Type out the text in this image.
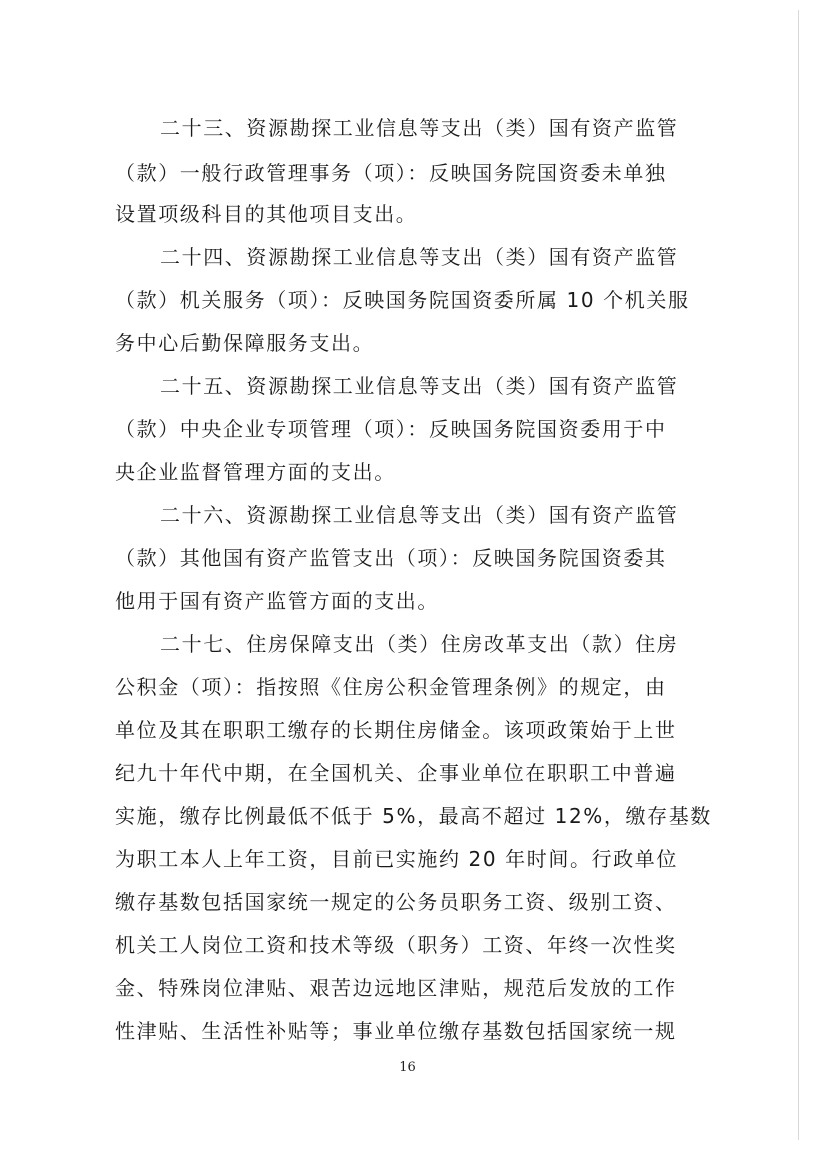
二十三、资源勘探工业信息等支出（类）国有资产监管
（款）一般行政管理事务（项）：反映国务院国资委未单独
设置项级科目的其他项目支出。
二十四、资源勘探工业信息等支出（类）国有资产监管
（款）机关服务（项）：反映国务院国资委所属 10 个机关服
务中心后勤保障服务支出。
二十五、资源勘探工业信息等支出（类）国有资产监管
（款）中央企业专项管理（项）：反映国务院国资委用于中
央企业监督管理方面的支出。
二十六、资源勘探工业信息等支出（类）国有资产监管
（款）其他国有资产监管支出（项）：反映国务院国资委其
他用于国有资产监管方面的支出。
二十七、住房保障支出（类）住房改革支出（款）住房
公积金（项）：指按照《住房公积金管理条例》的规定，由
单位及其在职职工缴存的长期住房储金。该项政策始于上世
纪九十年代中期，在全国机关、企事业单位在职职工中普遍
实施，缴存比例最低不低于 5%，最高不超过 12%，缴存基数
为职工本人上年工资，目前已实施约 20 年时间。行政单位
缴存基数包括国家统一规定的公务员职务工资、级别工资、
机关工人岗位工资和技术等级（职务）工资、年终一次性奖
金、特殊岗位津贴、艰苦边远地区津贴，规范后发放的工作
性津贴、生活性补贴等；事业单位缴存基数包括国家统一规
16
